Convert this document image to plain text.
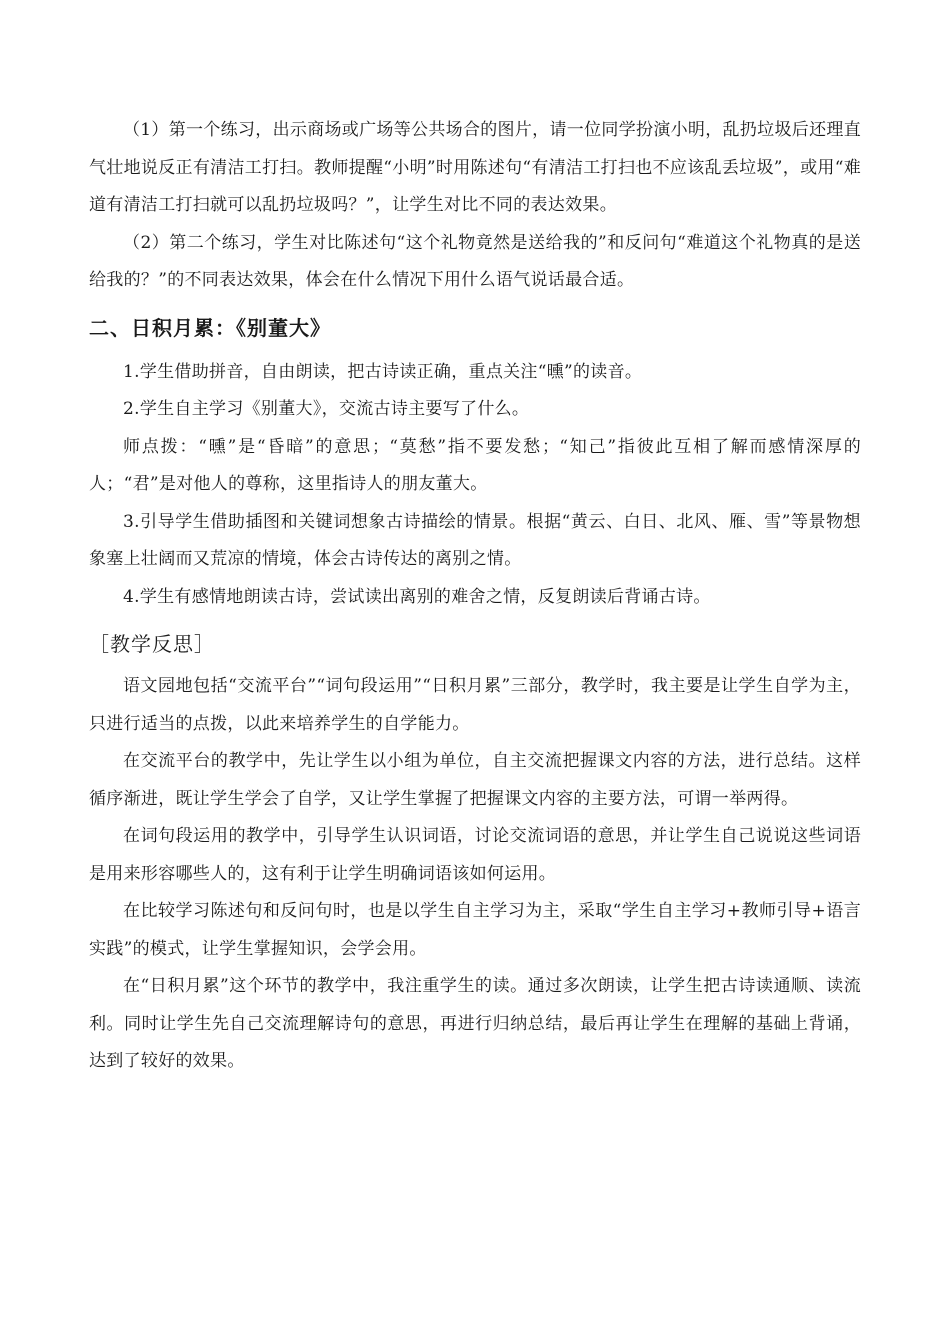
（1）第一个练习，出示商场或广场等公共场合的图片，请一位同学扮演小明，乱扔垃圾后还理直气壮地说反正有清洁工打扫。教师提醒“小明”时用陈述句“有清洁工打扫也不应该乱丢垃圾”，或用“难道有清洁工打扫就可以乱扔垃圾吗？”，让学生对比不同的表达效果。

（2）第二个练习，学生对比陈述句“这个礼物竟然是送给我的”和反问句“难道这个礼物真的是送给我的？”的不同表达效果，体会在什么情况下用什么语气说话最合适。

二、日积月累：《别董大》

1.学生借助拼音，自由朗读，把古诗读正确，重点关注“曛”的读音。

2.学生自主学习《别董大》，交流古诗主要写了什么。

师点拨：“曛”是“昏暗”的意思；“莫愁”指不要发愁；“知己”指彼此互相了解而感情深厚的人；“君”是对他人的尊称，这里指诗人的朋友董大。

3.引导学生借助插图和关键词想象古诗描绘的情景。根据“黄云、白日、北风、雁、雪”等景物想象塞上壮阔而又荒凉的情境，体会古诗传达的离别之情。

4.学生有感情地朗读古诗，尝试读出离别的难舍之情，反复朗读后背诵古诗。

［教学反思］

语文园地包括“交流平台”“词句段运用”“日积月累”三部分，教学时，我主要是让学生自学为主，只进行适当的点拨，以此来培养学生的自学能力。

在交流平台的教学中，先让学生以小组为单位，自主交流把握课文内容的方法，进行总结。这样循序渐进，既让学生学会了自学，又让学生掌握了把握课文内容的主要方法，可谓一举两得。

在词句段运用的教学中，引导学生认识词语，讨论交流词语的意思，并让学生自己说说这些词语是用来形容哪些人的，这有利于让学生明确词语该如何运用。

在比较学习陈述句和反问句时，也是以学生自主学习为主，采取“学生自主学习+教师引导+语言实践”的模式，让学生掌握知识，会学会用。

在“日积月累”这个环节的教学中，我注重学生的读。通过多次朗读，让学生把古诗读通顺、读流利。同时让学生先自己交流理解诗句的意思，再进行归纳总结，最后再让学生在理解的基础上背诵，达到了较好的效果。
